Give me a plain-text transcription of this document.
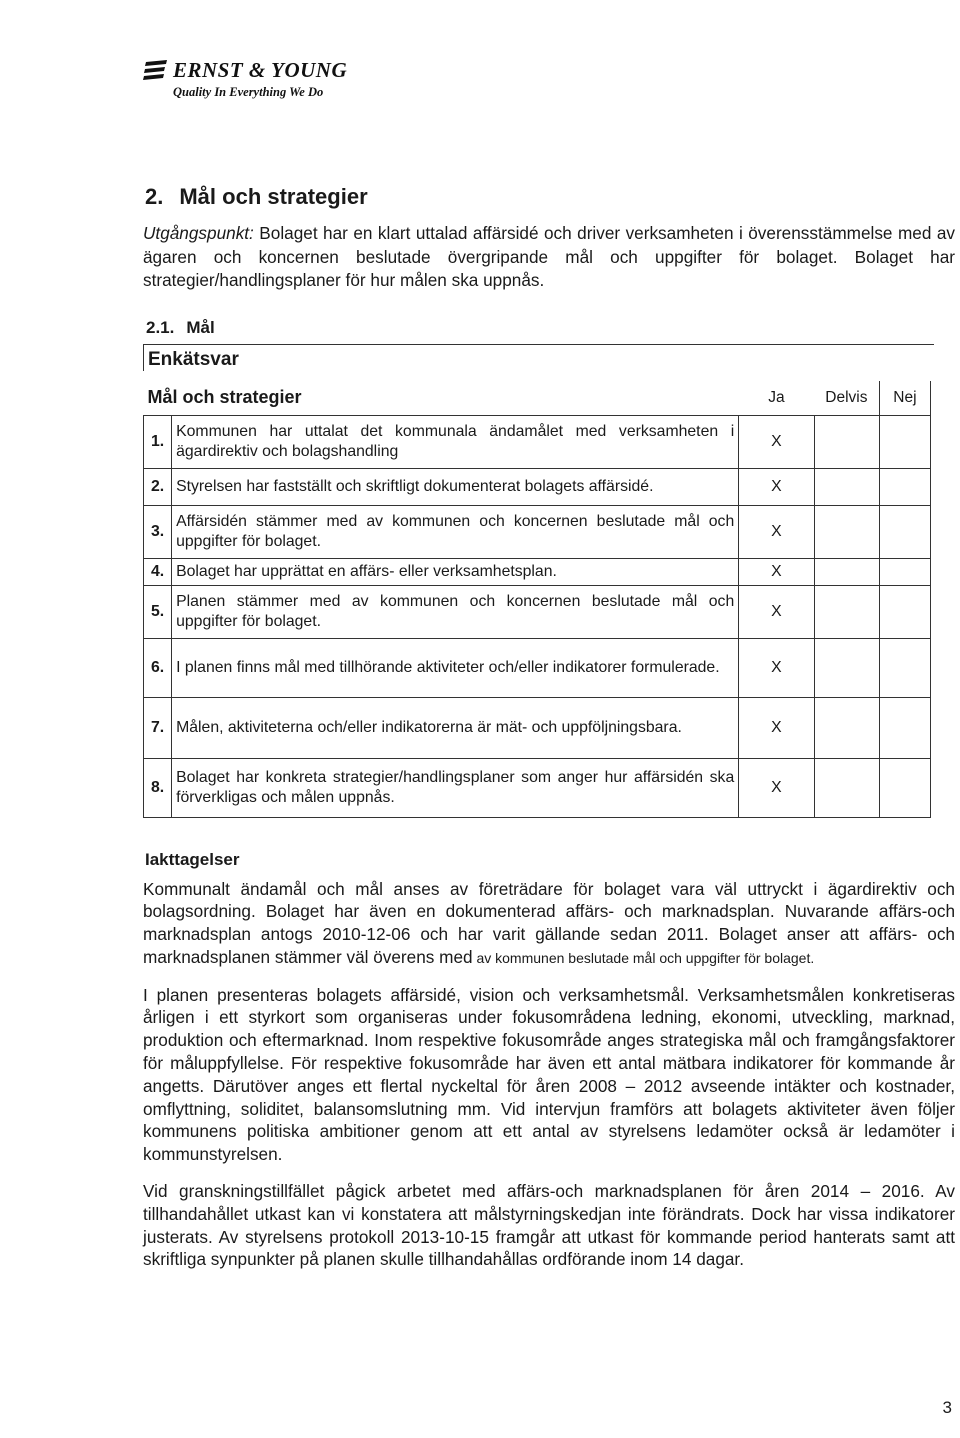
ERNST & YOUNG
Quality In Everything We Do
2. Mål och strategier

Utgångspunkt: Bolaget har en klart uttalad affärsidé och driver verksamheten i överensstämmelse med av ägaren och koncernen beslutade övergripande mål och uppgifter för bolaget. Bolaget har strategier/handlingsplaner för hur målen ska uppnås.

2.1. Mål
Enkätsvar
Mål och strategier		Ja	Delvis	Nej
1.	Kommunen har uttalat det kommunala ändamålet med verksamheten i ägardirektiv och bolagshandling	X		
2.	Styrelsen har fastställt och skriftligt dokumenterat bolagets affärsidé.	X		
3.	Affärsidén stämmer med av kommunen och koncernen beslutade mål och uppgifter för bolaget.	X		
4.	Bolaget har upprättat en affärs- eller verksamhetsplan.	X		
5.	Planen stämmer med av kommunen och koncernen beslutade mål och uppgifter för bolaget.	X		
6.	I planen finns mål med tillhörande aktiviteter och/eller indikatorer formulerade.	X		
7.	Målen, aktiviteterna och/eller indikatorerna är mät- och uppföljningsbara.	X		
8.	Bolaget har konkreta strategier/handlingsplaner som anger hur affärsidén ska förverkligas och målen uppnås.	X		
Iakttagelser

Kommunalt ändamål och mål anses av företrädare för bolaget vara väl uttryckt i ägardirektiv och bolagsordning. Bolaget har även en dokumenterad affärs- och marknadsplan. Nuvarande affärs-och marknadsplan antogs 2010-12-06 och har varit gällande sedan 2011. Bolaget anser att affärs- och marknadsplanen stämmer väl överens med av kommunen beslutade mål och uppgifter för bolaget.

I planen presenteras bolagets affärsidé, vision och verksamhetsmål. Verksamhetsmålen konkretiseras årligen i ett styrkort som organiseras under fokusområdena ledning, ekonomi, utveckling, marknad, produktion och eftermarknad. Inom respektive fokusområde anges strategiska mål och framgångsfaktorer för måluppfyllelse. För respektive fokusområde har även ett antal mätbara indikatorer för kommande år angetts. Därutöver anges ett flertal nyckeltal för åren 2008 – 2012 avseende intäkter och kostnader, omflyttning, soliditet, balansomslutning mm. Vid intervjun framförs att bolagets aktiviteter även följer kommunens politiska ambitioner genom att ett antal av styrelsens ledamöter också är ledamöter i kommunstyrelsen.

Vid granskningstillfället pågick arbetet med affärs-och marknadsplanen för åren 2014 – 2016. Av tillhandahållet utkast kan vi konstatera att målstyrningskedjan inte förändrats. Dock har vissa indikatorer justerats. Av styrelsens protokoll 2013-10-15 framgår att utkast för kommande period hanterats samt att skriftliga synpunkter på planen skulle tillhandahållas ordförande inom 14 dagar.

3
